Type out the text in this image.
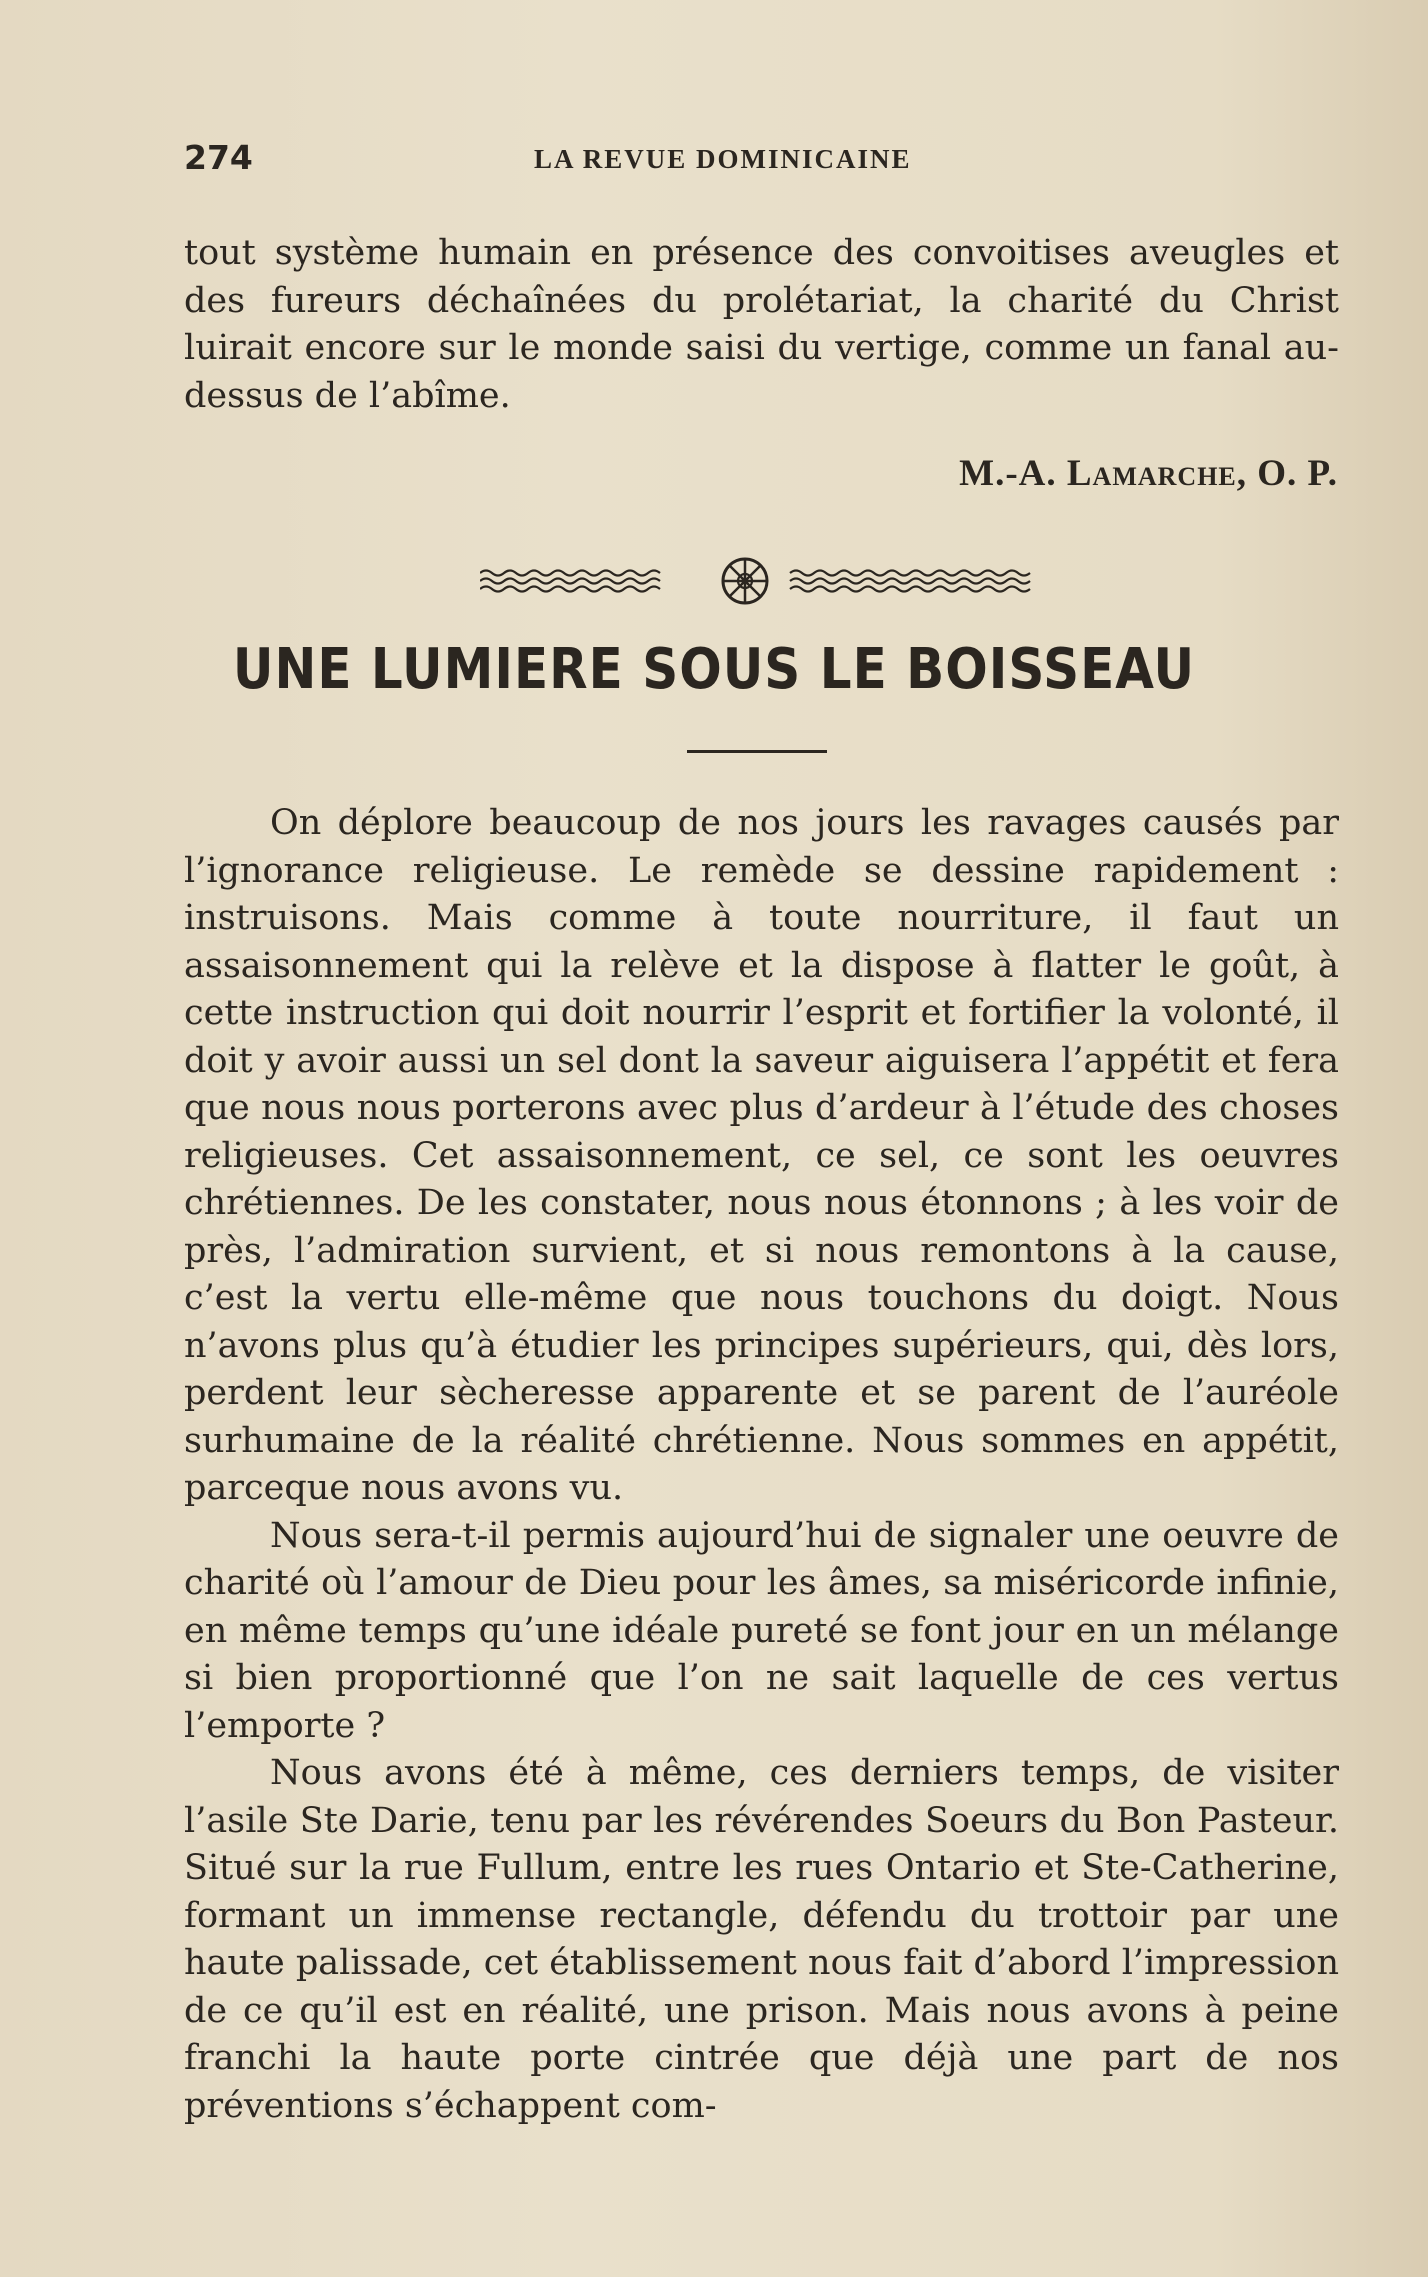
274	LA REVUE DOMINICAINE

tout système humain en présence des convoitises aveugles et des fureurs déchaînées du prolétariat, la charité du Christ luirait encore sur le monde saisi du vertige, comme un fanal au-dessus de l’abîme.

M.-A. Lamarche, O. P.
UNE LUMIERE SOUS LE BOISSEAU

On déplore beaucoup de nos jours les ravages causés par l’ignorance religieuse. Le remède se dessine rapidement : instruisons. Mais comme à toute nourriture, il faut un assaisonnement qui la relève et la dispose à flatter le goût, à cette instruction qui doit nourrir l’esprit et fortifier la volonté, il doit y avoir aussi un sel dont la saveur aiguisera l’appétit et fera que nous nous porterons avec plus d’ardeur à l’étude des choses religieuses. Cet assaisonnement, ce sel, ce sont les oeuvres chrétiennes. De les constater, nous nous étonnons ; à les voir de près, l’admiration survient, et si nous remontons à la cause, c’est la vertu elle-même que nous touchons du doigt. Nous n’avons plus qu’à étudier les principes supérieurs, qui, dès lors, perdent leur sècheresse apparente et se parent de l’auréole surhumaine de la réalité chrétienne. Nous sommes en appétit, parceque nous avons vu.

Nous sera-t-il permis aujourd’hui de signaler une oeuvre de charité où l’amour de Dieu pour les âmes, sa miséricorde infinie, en même temps qu’une idéale pureté se font jour en un mélange si bien proportionné que l’on ne sait laquelle de ces vertus l’emporte ?

Nous avons été à même, ces derniers temps, de visiter l’asile Ste Darie, tenu par les révérendes Soeurs du Bon Pasteur. Situé sur la rue Fullum, entre les rues Ontario et Ste-Catherine, formant un immense rectangle, défendu du trottoir par une haute palissade, cet établissement nous fait d’abord l’impression de ce qu’il est en réalité, une prison. Mais nous avons à peine franchi la haute porte cintrée que déjà une part de nos préventions s’échappent com-
